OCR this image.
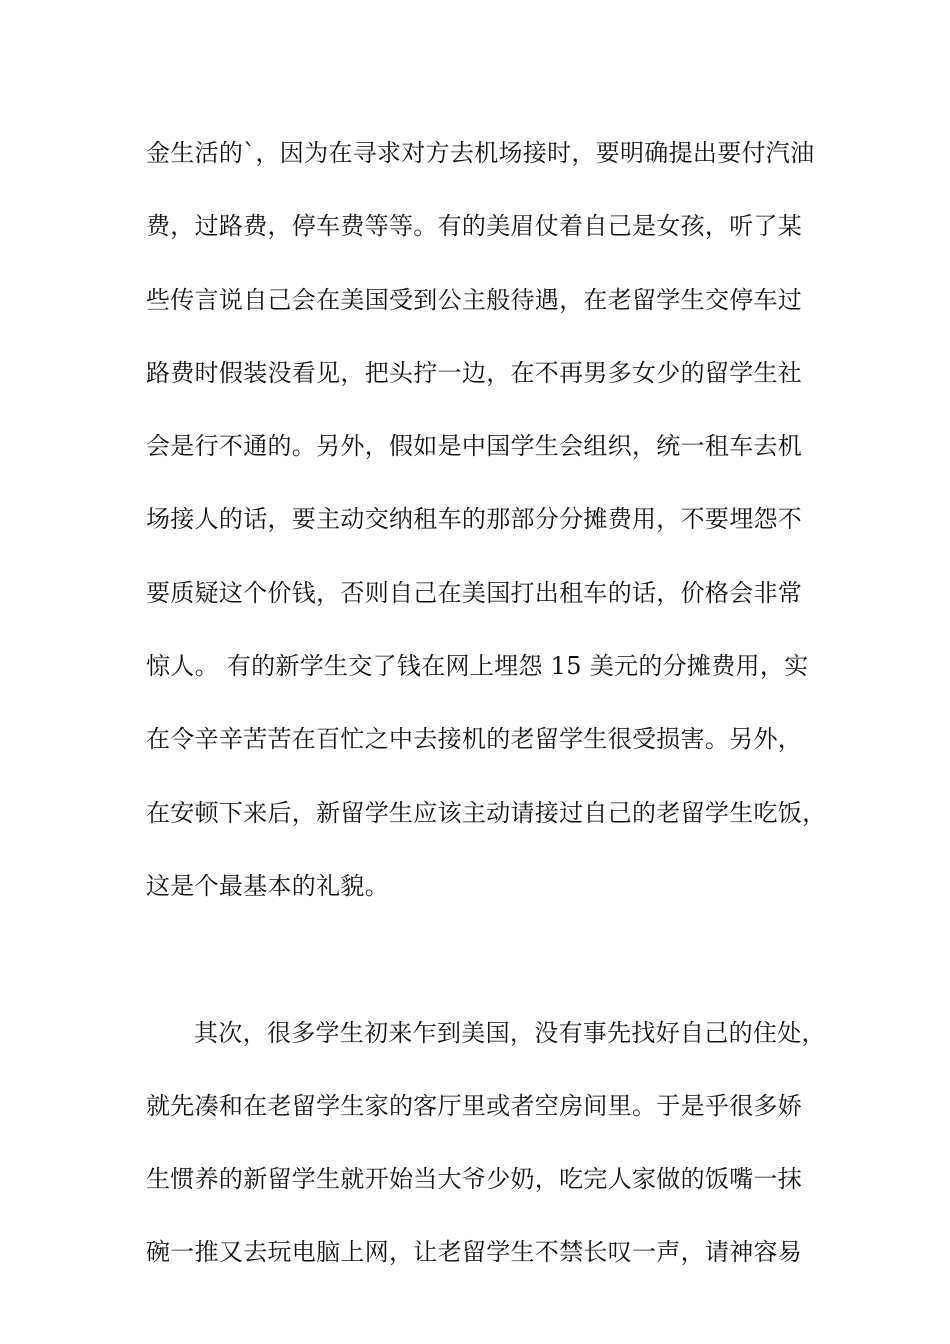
金生活的`，因为在寻求对方去机场接时，要明确提出要付汽油
费，过路费，停车费等等。有的美眉仗着自己是女孩，听了某
些传言说自己会在美国受到公主般待遇，在老留学生交停车过
路费时假装没看见，把头拧一边，在不再男多女少的留学生社
会是行不通的。另外，假如是中国学生会组织，统一租车去机
场接人的话，要主动交纳租车的那部分分摊费用，不要埋怨不
要质疑这个价钱，否则自己在美国打出租车的话，价格会非常
惊人。 有的新学生交了钱在网上埋怨 15 美元的分摊费用，实
在令辛辛苦苦在百忙之中去接机的老留学生很受损害。另外，
在安顿下来后，新留学生应该主动请接过自己的老留学生吃饭，
这是个最基本的礼貌。
其次，很多学生初来乍到美国，没有事先找好自己的住处，
就先凑和在老留学生家的客厅里或者空房间里。于是乎很多娇
生惯养的新留学生就开始当大爷少奶，吃完人家做的饭嘴一抹
碗一推又去玩电脑上网，让老留学生不禁长叹一声，请神容易
